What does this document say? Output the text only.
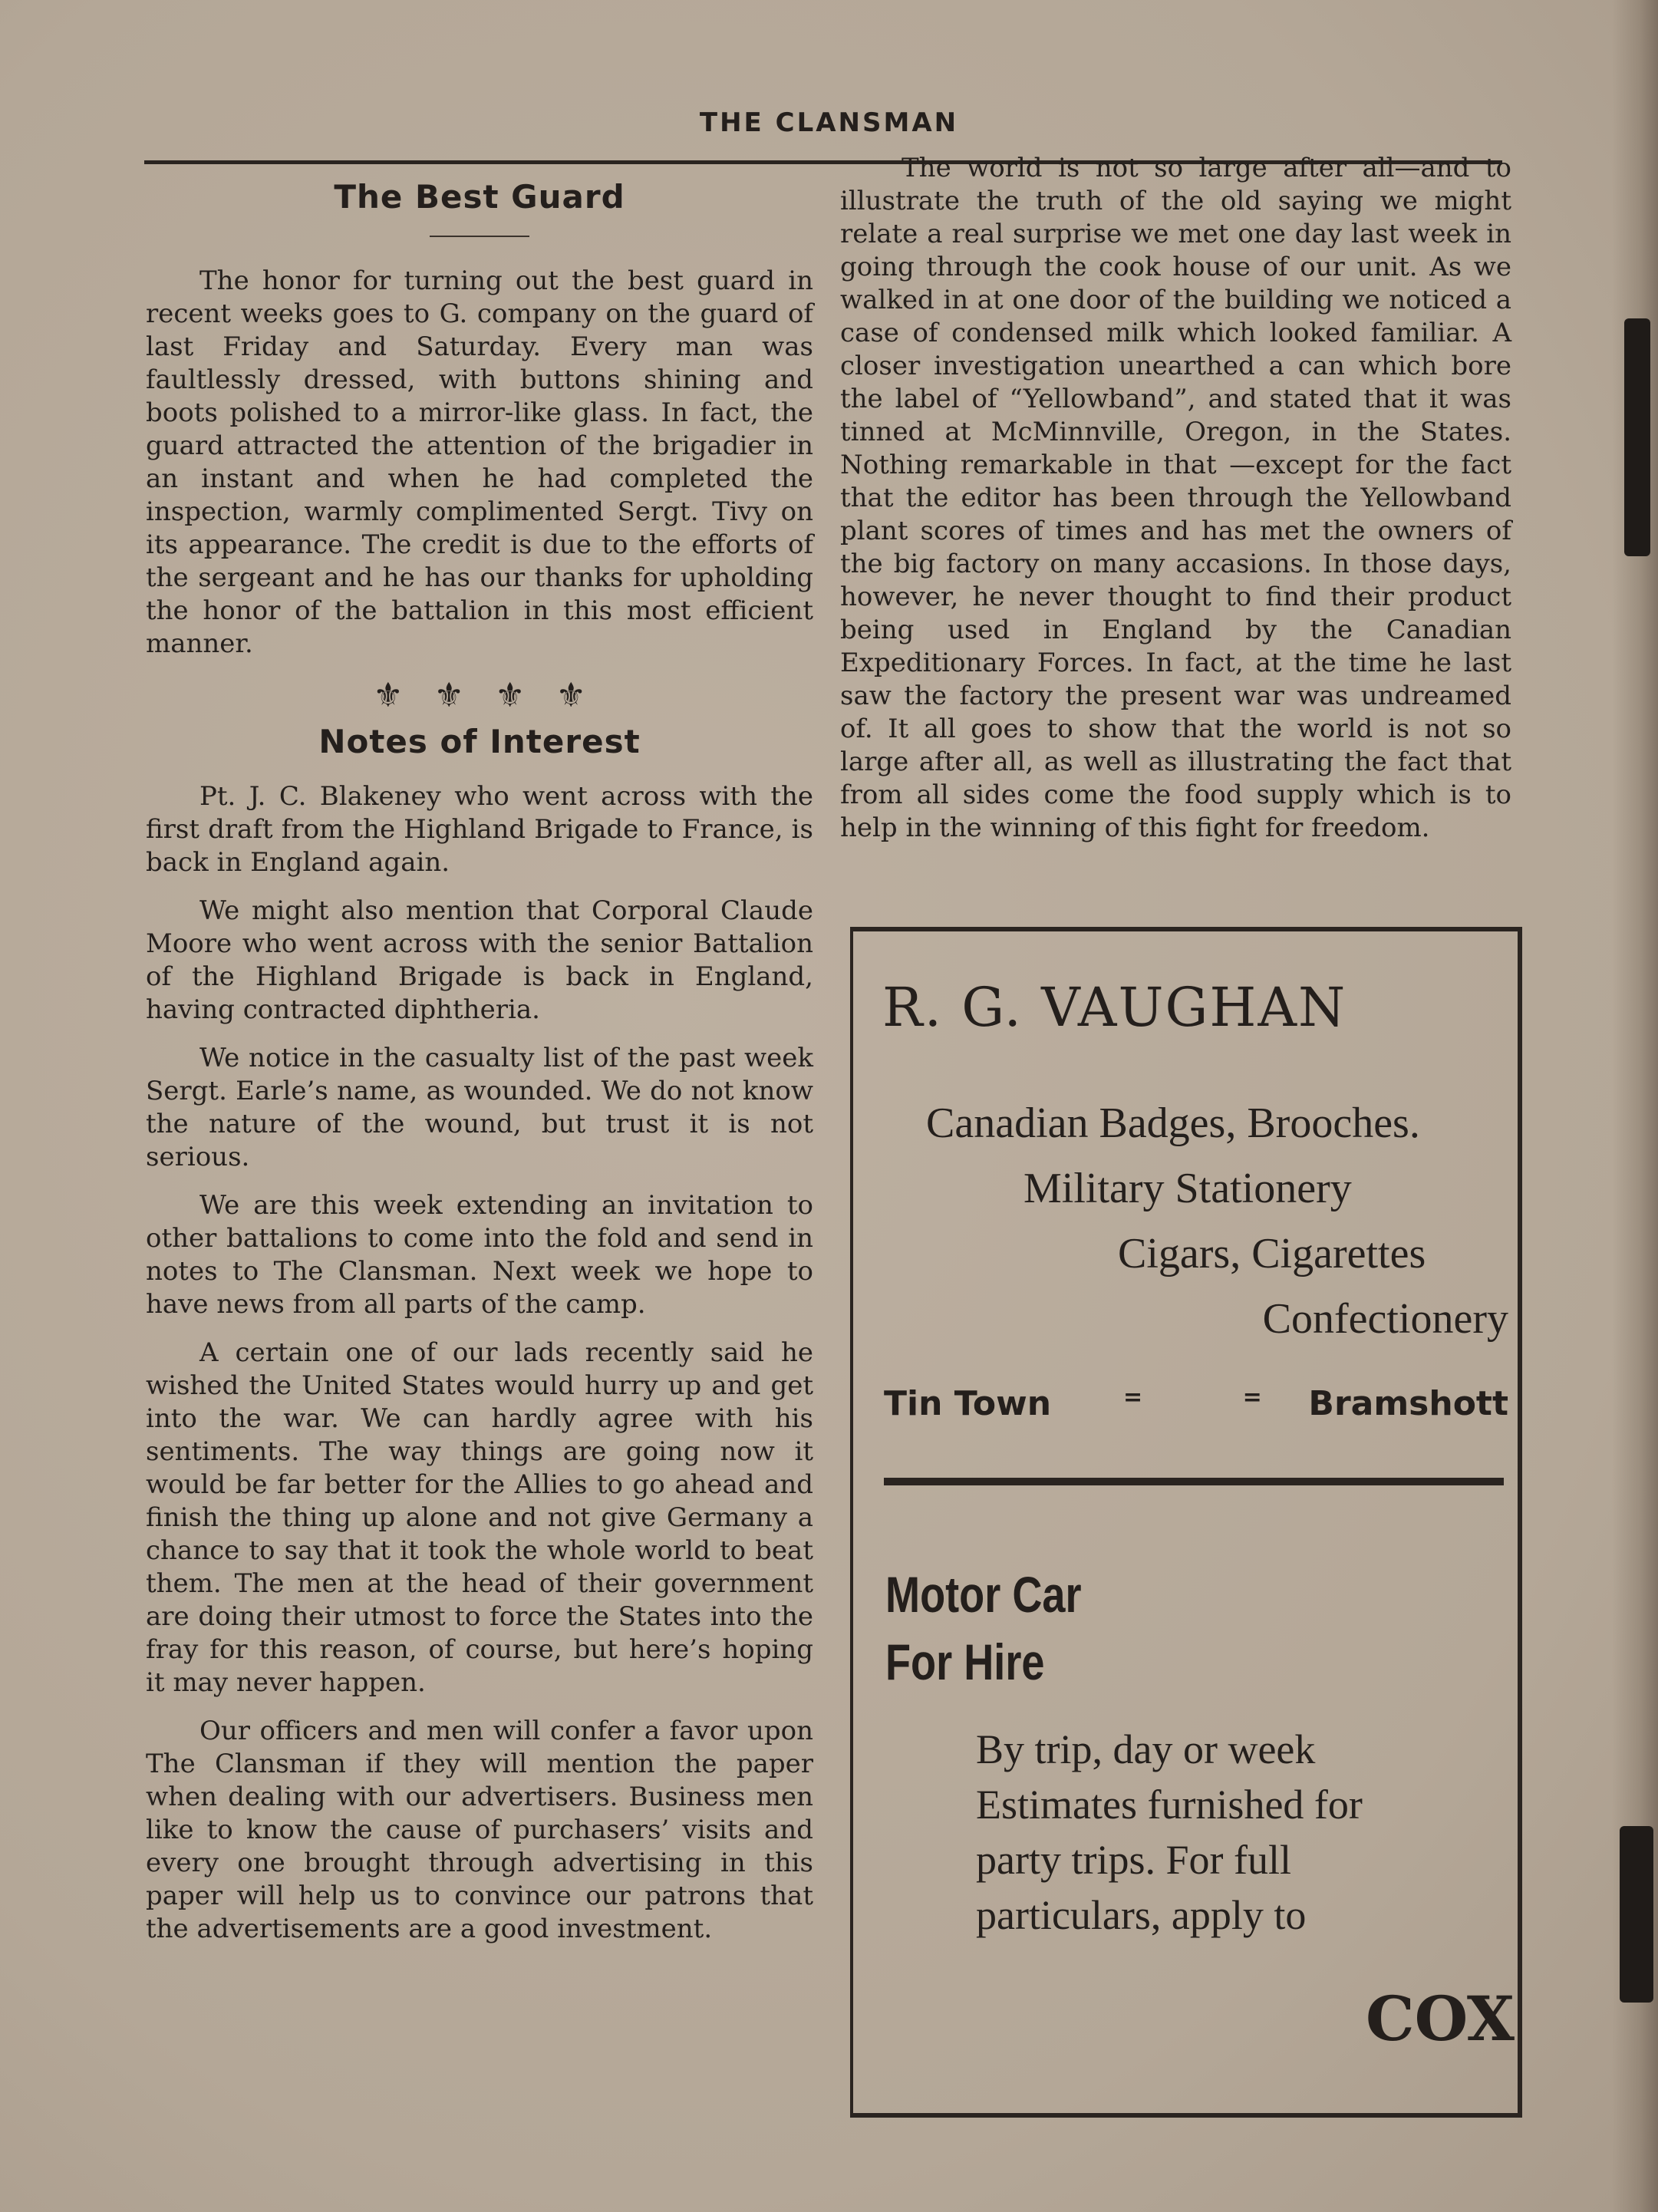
THE CLANSMAN
The Best Guard

The honor for turning out the best guard in recent weeks goes to G. company on the guard of last Friday and Saturday. Every man was faultlessly dressed, with buttons shining and boots polished to a mirror-like glass. In fact, the guard attracted the attention of the brigadier in an instant and when he had completed the inspection, warmly complimented Sergt. Tivy on its appearance. The credit is due to the efforts of the sergeant and he has our thanks for upholding the honor of the battalion in this most efficient manner.

⚜⚜⚜⚜
Notes of Interest

Pt. J. C. Blakeney who went across with the first draft from the Highland Brigade to France, is back in England again.

We might also mention that Corporal Claude Moore who went across with the senior Battalion of the Highland Brigade is back in England, having contracted diphtheria.

We notice in the casualty list of the past week Sergt. Earle’s name, as wounded. We do not know the nature of the wound, but trust it is not serious.

We are this week extending an invitation to other battalions to come into the fold and send in notes to The Clansman. Next week we hope to have news from all parts of the camp.

A certain one of our lads recently said he wished the United States would hurry up and get into the war. We can hardly agree with his sentiments. The way things are going now it would be far better for the Allies to go ahead and finish the thing up alone and not give Germany a chance to say that it took the whole world to beat them. The men at the head of their government are doing their utmost to force the States into the fray for this reason, of course, but here’s hoping it may never happen.

Our officers and men will confer a favor upon The Clansman if they will mention the paper when dealing with our advertisers. Business men like to know the cause of purchasers’ visits and every one brought through advertising in this paper will help us to convince our patrons that the advertisements are a good investment.

The world is not so large after all—and to illustrate the truth of the old saying we might relate a real surprise we met one day last week in going through the cook house of our unit. As we walked in at one door of the building we noticed a case of condensed milk which looked familiar. A closer investigation unearthed a can which bore the label of “Yellowband”, and stated that it was tinned at McMinnville, Oregon, in the States. Nothing remarkable in that —except for the fact that the editor has been through the Yellowband plant scores of times and has met the owners of the big factory on many accasions. In those days, however, he never thought to find their product being used in England by the Canadian Expeditionary Forces. In fact, at the time he last saw the factory the present war was undreamed of. It all goes to show that the world is not so large after all, as well as illustrating the fact that from all sides come the food supply which is to help in the winning of this fight for freedom.

R. G. VAUGHAN
Canadian Badges, Brooches.
Military Stationery
Cigars, Cigarettes
Confectionery
Tin Town	= = Bramshott
Motor Car
For Hire
By trip, day or week
Estimates furnished for
party trips. For full
particulars, apply to
COX
